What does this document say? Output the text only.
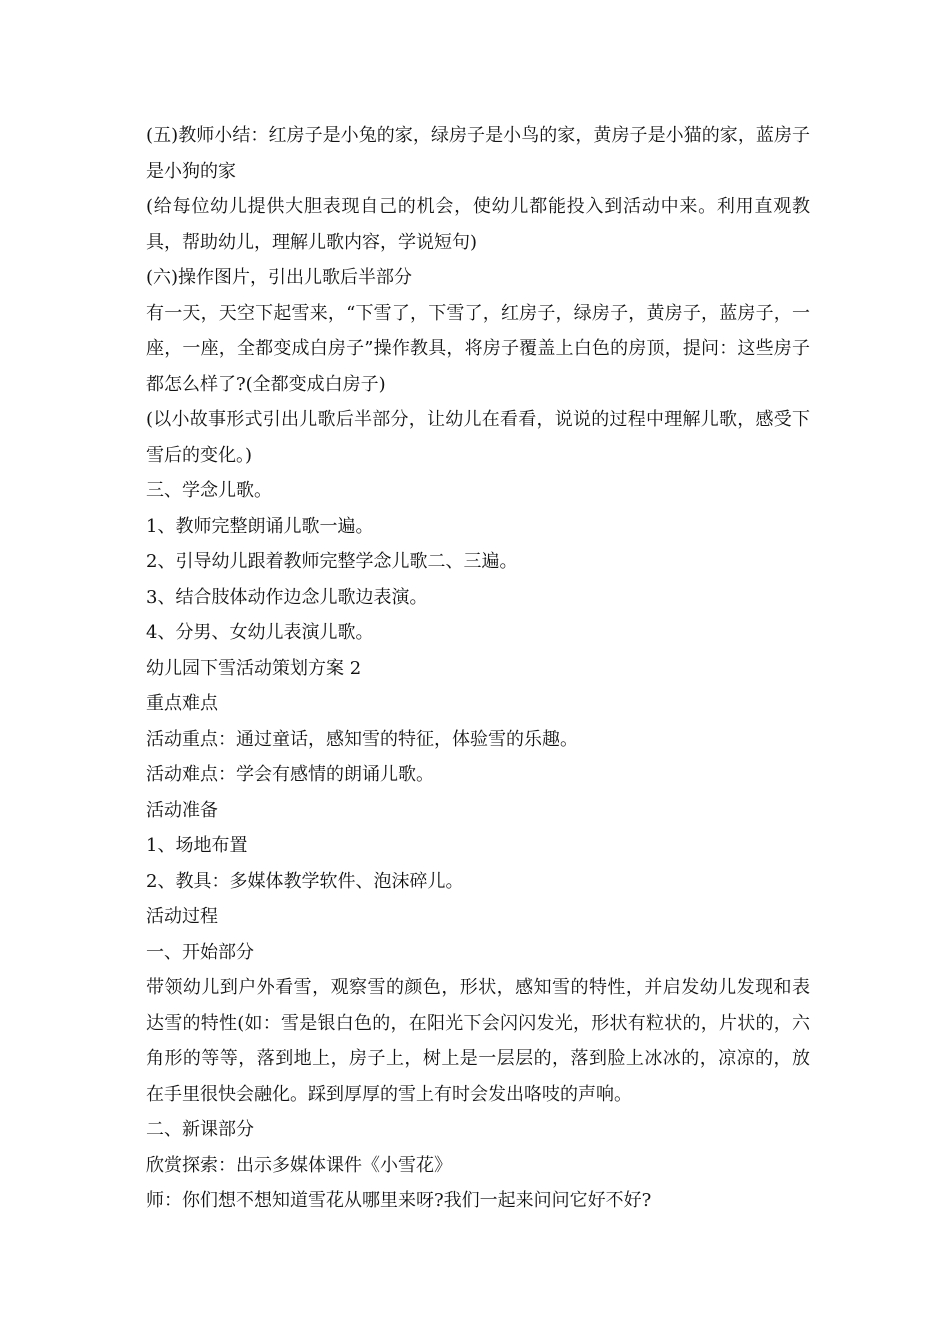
(五)教师小结：红房子是小兔的家，绿房子是小鸟的家，黄房子是小猫的家，蓝房子是小狗的家

(给每位幼儿提供大胆表现自己的机会，使幼儿都能投入到活动中来。利用直观教具，帮助幼儿，理解儿歌内容，学说短句)

(六)操作图片，引出儿歌后半部分

有一天，天空下起雪来，“下雪了，下雪了，红房子，绿房子，黄房子，蓝房子，一座，一座，全都变成白房子”操作教具，将房子覆盖上白色的房顶，提问：这些房子都怎么样了?(全都变成白房子)

(以小故事形式引出儿歌后半部分，让幼儿在看看，说说的过程中理解儿歌，感受下雪后的变化。)

三、学念儿歌。

1、教师完整朗诵儿歌一遍。

2、引导幼儿跟着教师完整学念儿歌二、三遍。

3、结合肢体动作边念儿歌边表演。

4、分男、女幼儿表演儿歌。

幼儿园下雪活动策划方案 2

重点难点

活动重点：通过童话，感知雪的特征，体验雪的乐趣。

活动难点：学会有感情的朗诵儿歌。

活动准备

1、场地布置

2、教具：多媒体教学软件、泡沫碎儿。

活动过程

一、开始部分

带领幼儿到户外看雪，观察雪的颜色，形状，感知雪的特性，并启发幼儿发现和表达雪的特性(如：雪是银白色的，在阳光下会闪闪发光，形状有粒状的，片状的，六角形的等等，落到地上，房子上，树上是一层层的，落到脸上冰冰的，凉凉的，放在手里很快会融化。踩到厚厚的雪上有时会发出咯吱的声响。

二、新课部分

欣赏探索：出示多媒体课件《小雪花》

师：你们想不想知道雪花从哪里来呀?我们一起来问问它好不好?
